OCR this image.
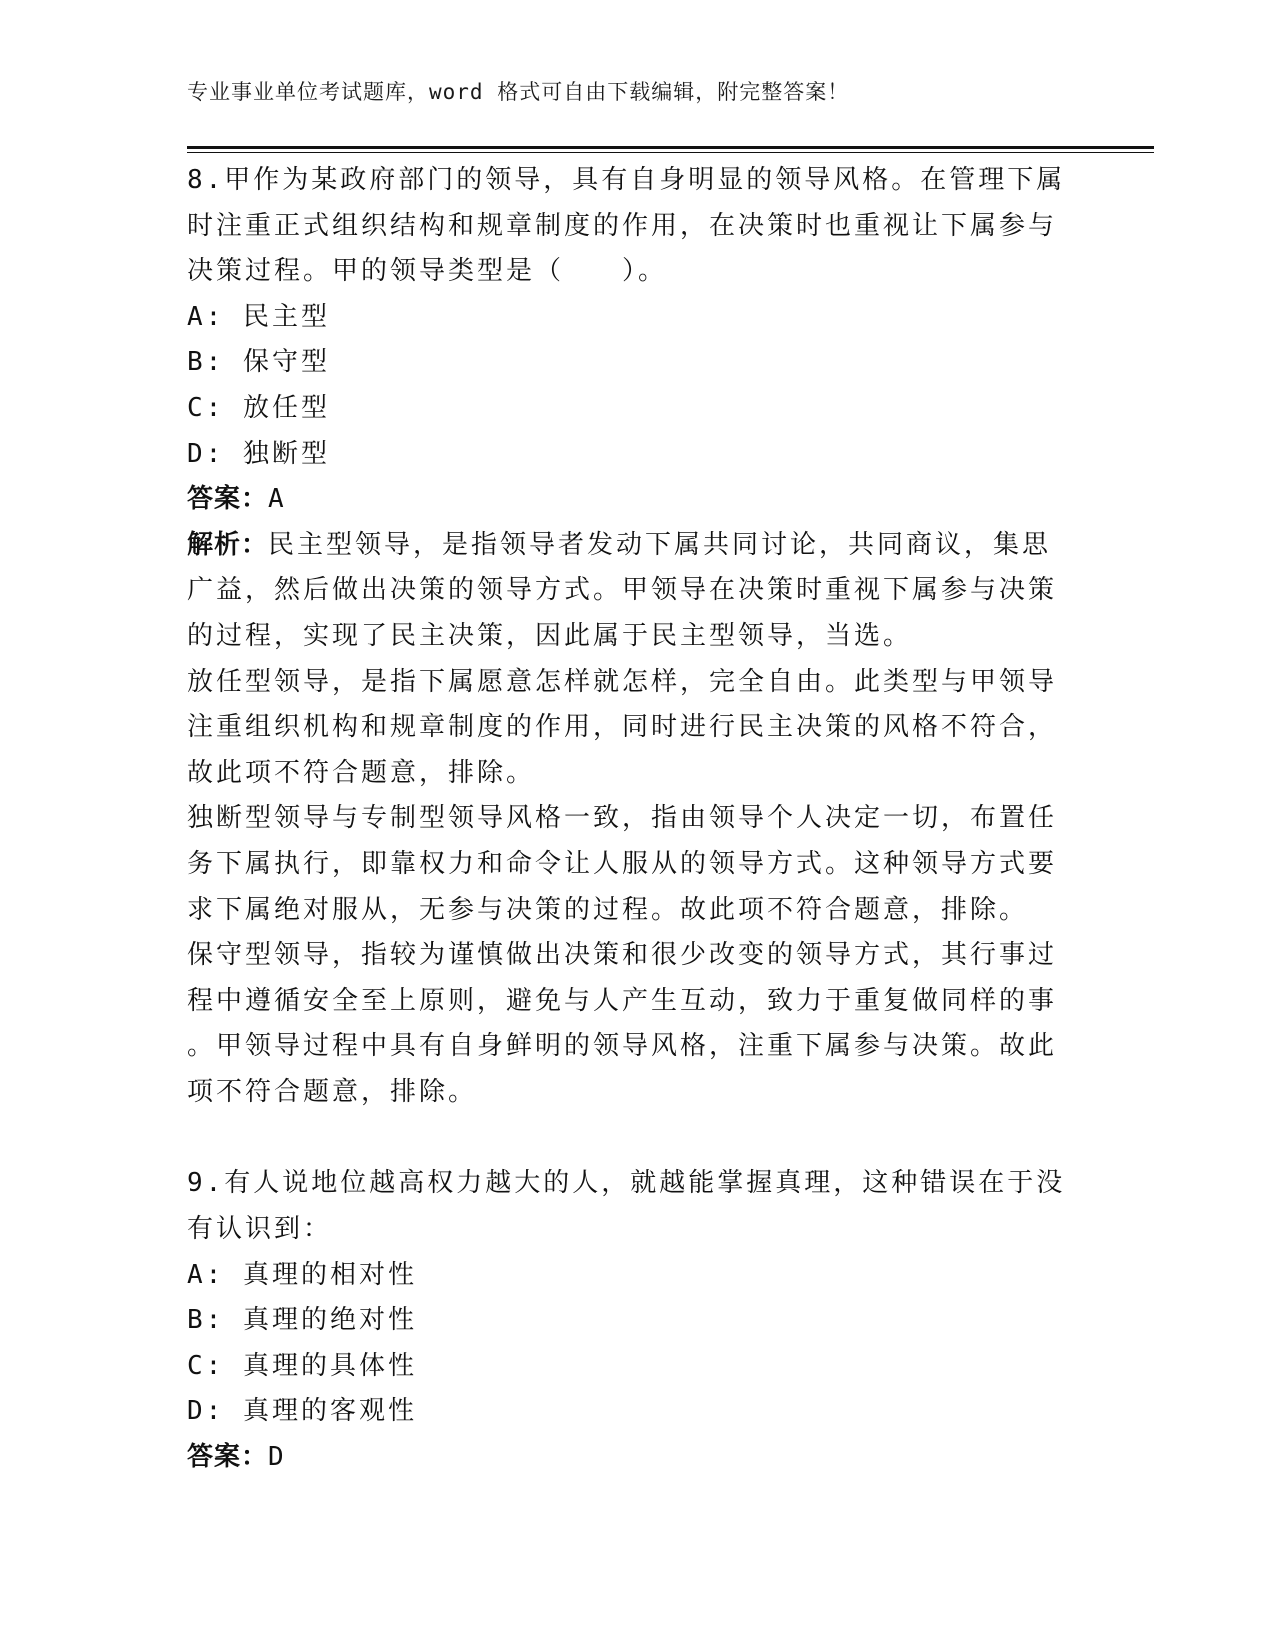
专业事业单位考试题库，word 格式可自由下载编辑，附完整答案！

8.甲作为某政府部门的领导，具有自身明显的领导风格。在管理下属

时注重正式组织结构和规章制度的作用，在决策时也重视让下属参与

决策过程。甲的领导类型是（　　）。

A: 民主型

B: 保守型

C: 放任型

D: 独断型

答案：A

解析：民主型领导，是指领导者发动下属共同讨论，共同商议，集思

广益，然后做出决策的领导方式。甲领导在决策时重视下属参与决策

的过程，实现了民主决策，因此属于民主型领导，当选。

放任型领导，是指下属愿意怎样就怎样，完全自由。此类型与甲领导

注重组织机构和规章制度的作用，同时进行民主决策的风格不符合，

故此项不符合题意，排除。

独断型领导与专制型领导风格一致，指由领导个人决定一切，布置任

务下属执行，即靠权力和命令让人服从的领导方式。这种领导方式要

求下属绝对服从，无参与决策的过程。故此项不符合题意，排除。

保守型领导，指较为谨慎做出决策和很少改变的领导方式，其行事过

程中遵循安全至上原则，避免与人产生互动，致力于重复做同样的事

。甲领导过程中具有自身鲜明的领导风格，注重下属参与决策。故此

项不符合题意，排除。

9.有人说地位越高权力越大的人，就越能掌握真理，这种错误在于没

有认识到：

A: 真理的相对性

B: 真理的绝对性

C: 真理的具体性

D: 真理的客观性

答案：D
